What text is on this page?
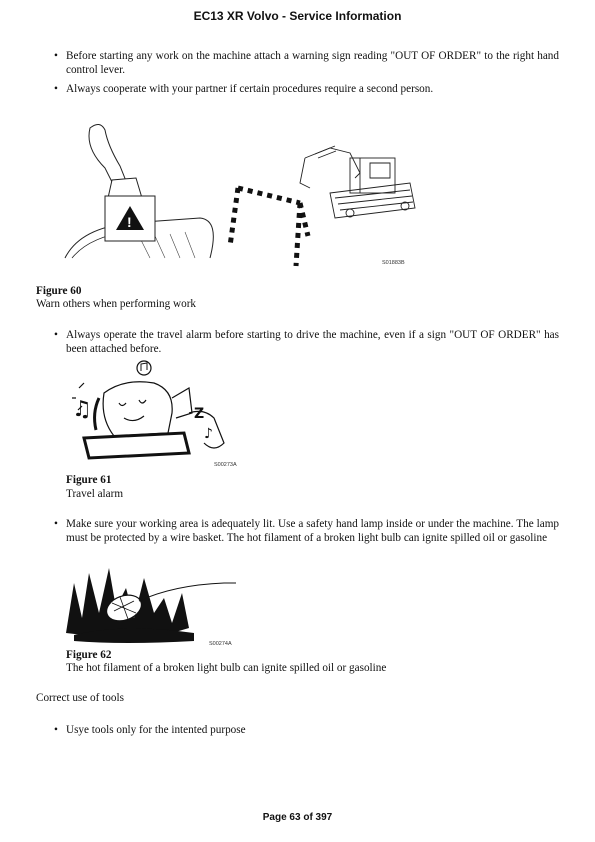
EC13 XR Volvo - Service Information
• Before starting any work on the machine attach a warning sign reading "OUT OF ORDER" to the right hand control lever.
• Always cooperate with your partner if certain procedures require a second person.
!
S01883B
Figure 60
Warn others when performing work
• Always operate the travel alarm before starting to drive the machine, even if a sign "OUT OF ORDER" has been attached before.
♫	Z
♪
S00273A
Figure 61
Travel alarm
• Make sure your working area is adequately lit. Use a safety hand lamp inside or under the machine. The lamp must be protected by a wire basket. The hot filament of a broken light bulb can ignite spilled oil or gasoline
S00274A
Figure 62
The hot filament of a broken light bulb can ignite spilled oil or gasoline
Correct use of tools
• Usye tools only for the intented purpose
Page 63 of 397
